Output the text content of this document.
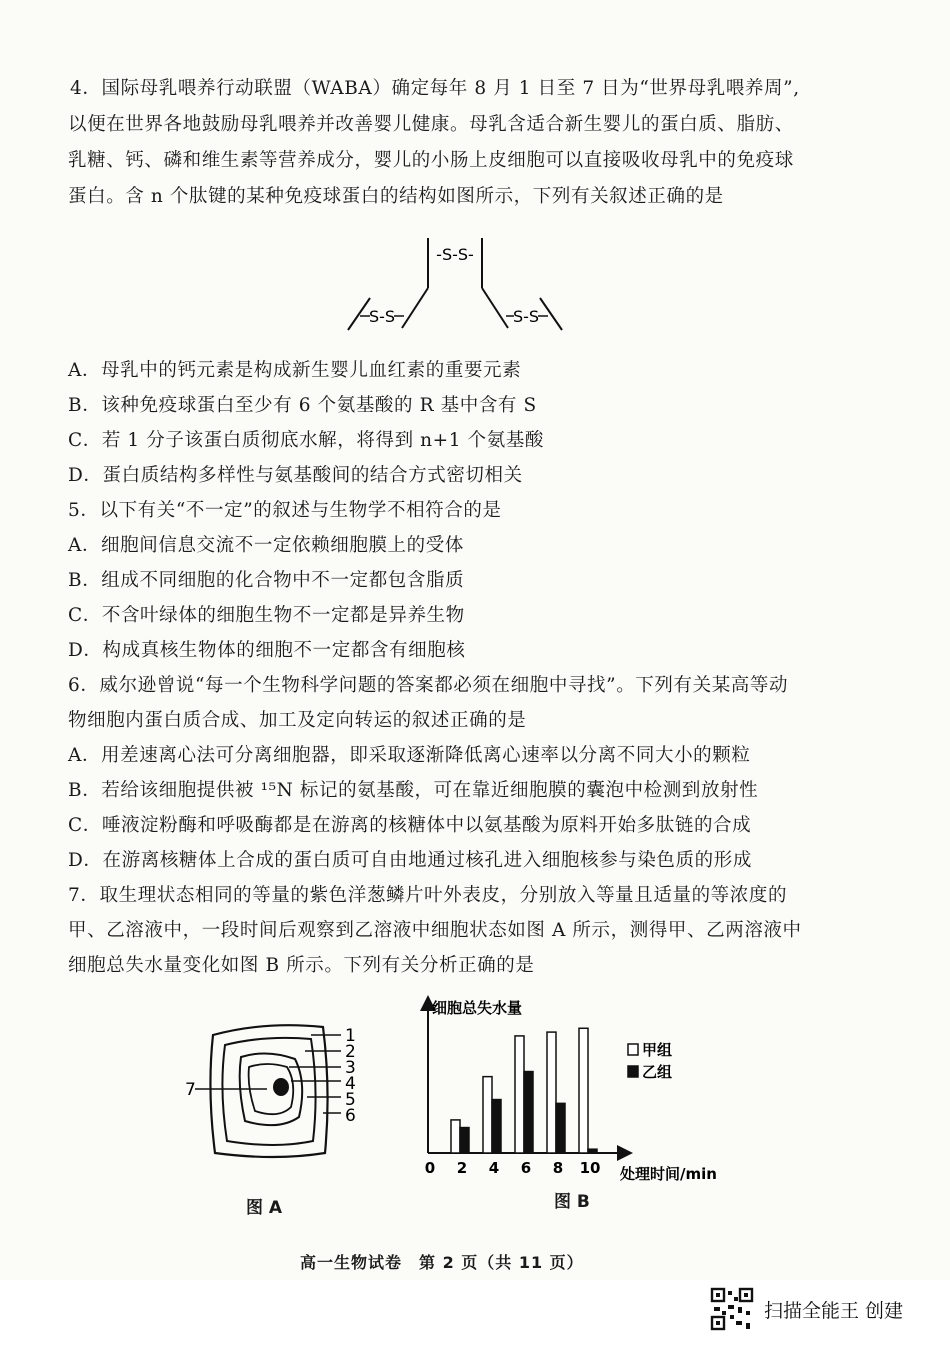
4．国际母乳喂养行动联盟（WABA）确定每年 8 月 1 日至 7 日为“世界母乳喂养周”,
以便在世界各地鼓励母乳喂养并改善婴儿健康。母乳含适合新生婴儿的蛋白质、脂肪、
乳糖、钙、磷和维生素等营养成分，婴儿的小肠上皮细胞可以直接吸收母乳中的免疫球
蛋白。含 n 个肽键的某种免疫球蛋白的结构如图所示，下列有关叙述正确的是
-S-S-
S-S	S-S
A．母乳中的钙元素是构成新生婴儿血红素的重要元素
B．该种免疫球蛋白至少有 6 个氨基酸的 R 基中含有 S
C．若 1 分子该蛋白质彻底水解，将得到 n+1 个氨基酸
D．蛋白质结构多样性与氨基酸间的结合方式密切相关
5．以下有关“不一定”的叙述与生物学不相符合的是
A．细胞间信息交流不一定依赖细胞膜上的受体
B．组成不同细胞的化合物中不一定都包含脂质
C．不含叶绿体的细胞生物不一定都是异养生物
D．构成真核生物体的细胞不一定都含有细胞核
6．威尔逊曾说“每一个生物科学问题的答案都必须在细胞中寻找”。下列有关某高等动
物细胞内蛋白质合成、加工及定向转运的叙述正确的是
A．用差速离心法可分离细胞器，即采取逐渐降低离心速率以分离不同大小的颗粒
B．若给该细胞提供被 ¹⁵N 标记的氨基酸，可在靠近细胞膜的囊泡中检测到放射性
C．唾液淀粉酶和呼吸酶都是在游离的核糖体中以氨基酸为原料开始多肽链的合成
D．在游离核糖体上合成的蛋白质可自由地通过核孔进入细胞核参与染色质的形成
7．取生理状态相同的等量的紫色洋葱鳞片叶外表皮，分别放入等量且适量的等浓度的
甲、乙溶液中，一段时间后观察到乙溶液中细胞状态如图 A 所示，测得甲、乙两溶液中
细胞总失水量变化如图 B 所示。下列有关分析正确的是
1
2
3
4
5
6
7
图 A
细胞总失水量
处理时间/min
0 2 4 6 8 10
甲组
乙组
图 B
高一生物试卷　第 2 页（共 11 页）
扫描全能王 创建
